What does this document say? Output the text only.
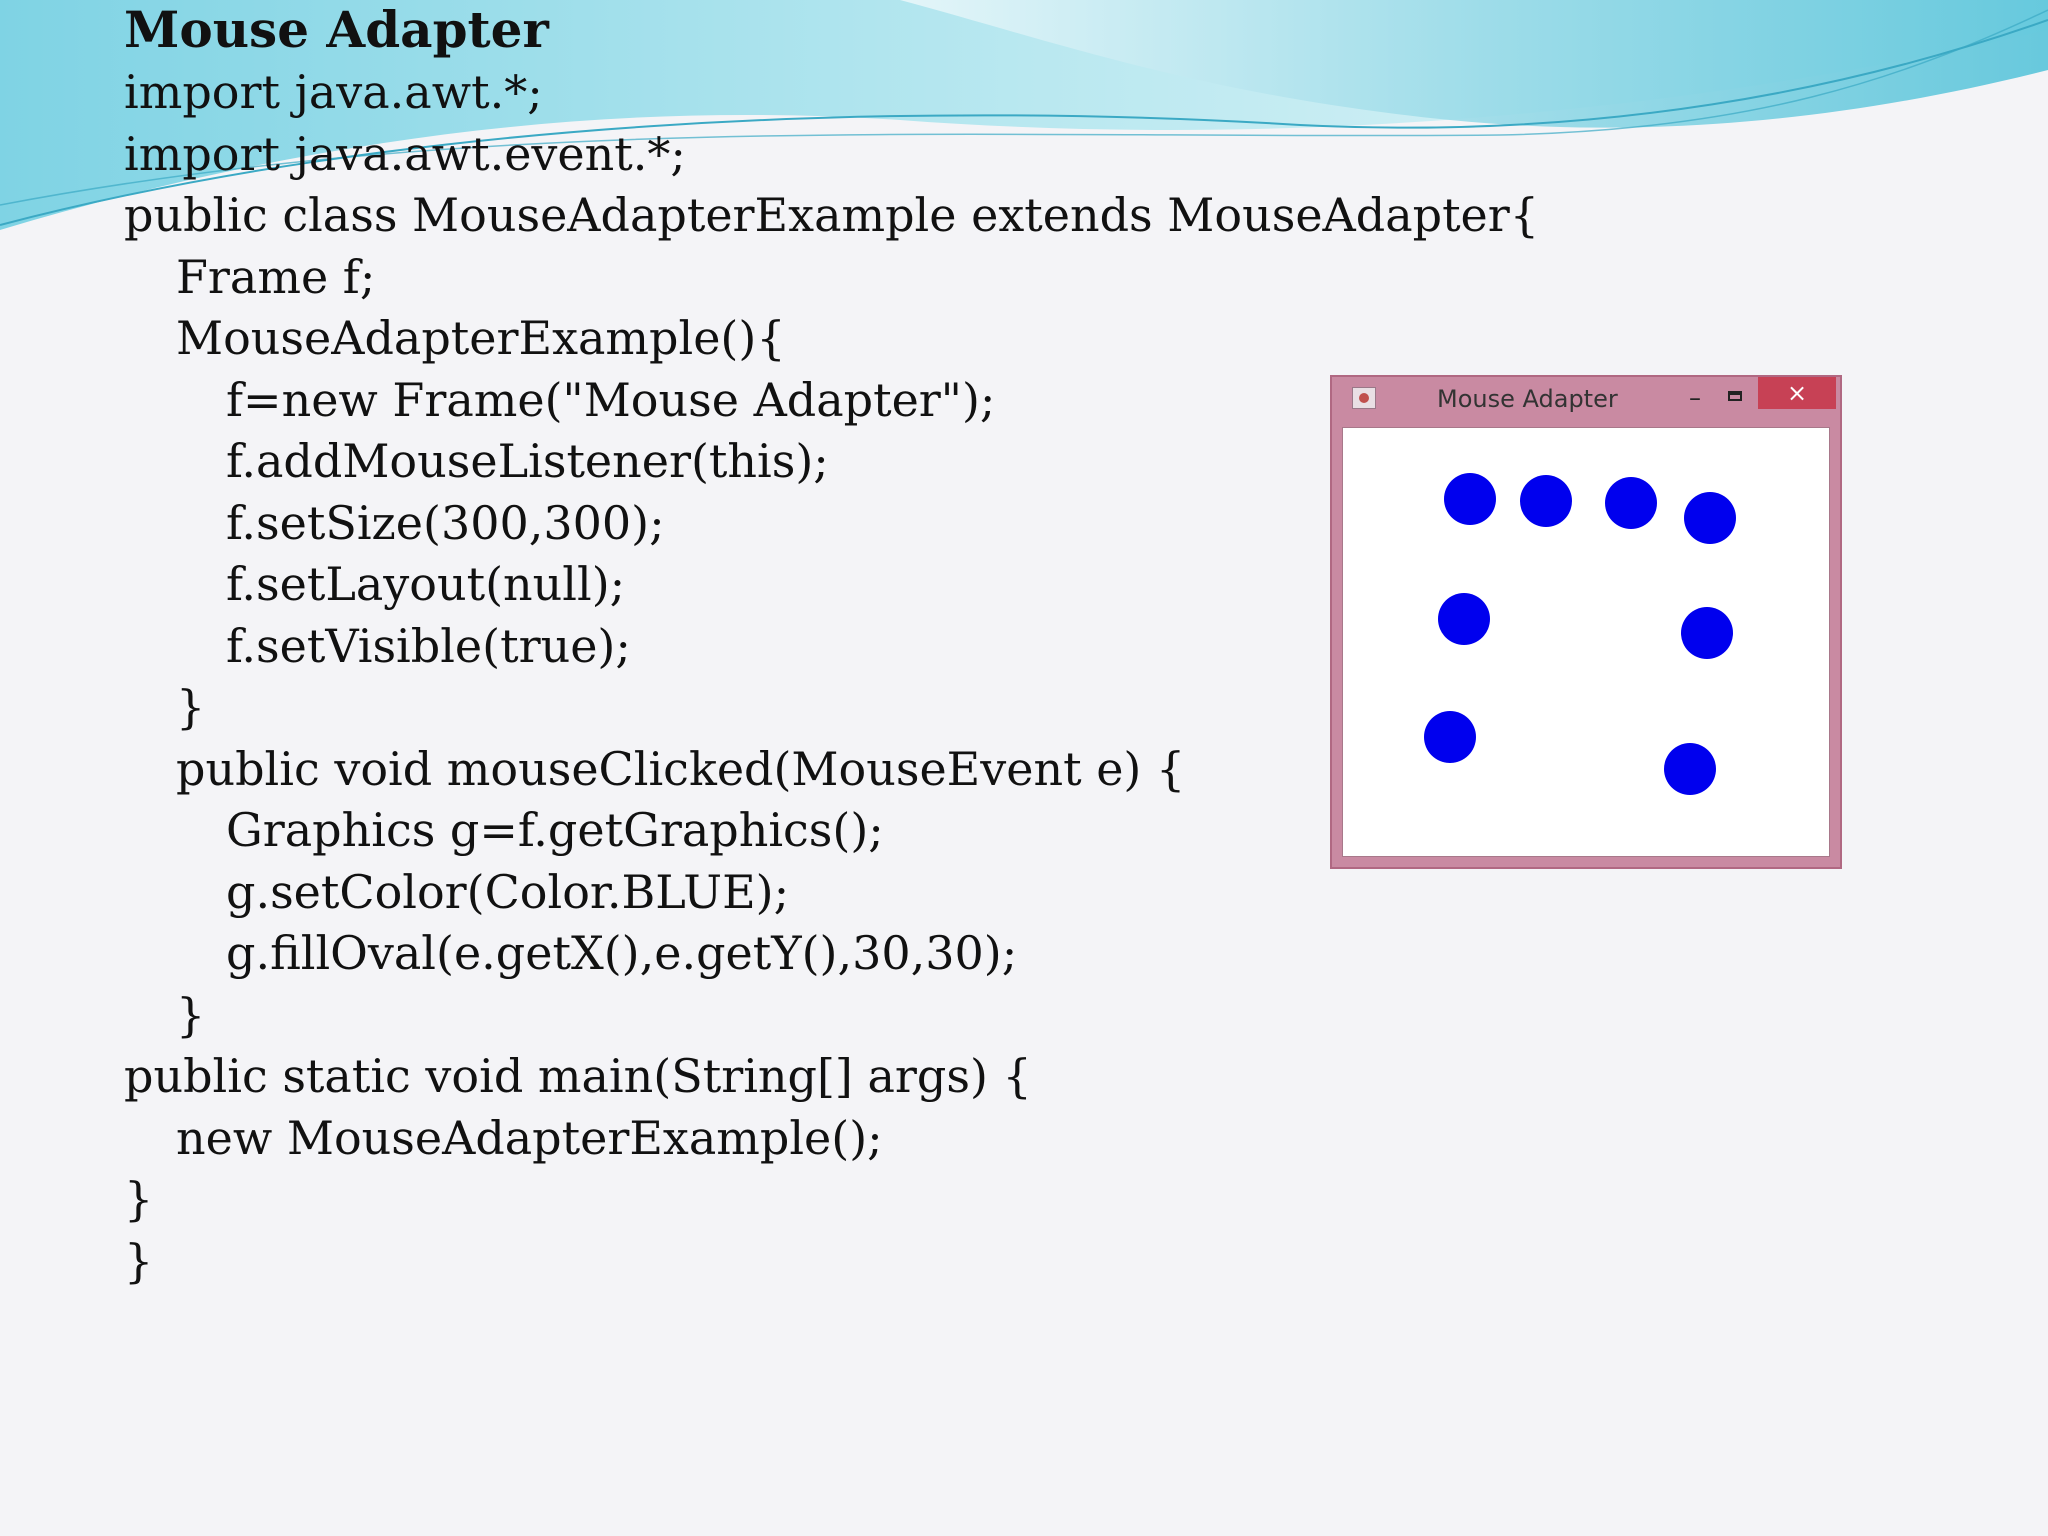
Mouse Adapter
import java.awt.*;
import java.awt.event.*;
public class MouseAdapterExample extends MouseAdapter{
Frame f;
MouseAdapterExample(){
f=new Frame("Mouse Adapter");
f.addMouseListener(this);
f.setSize(300,300);
f.setLayout(null);
f.setVisible(true);
}
public void mouseClicked(MouseEvent e) {
Graphics g=f.getGraphics();
g.setColor(Color.BLUE);
g.fillOval(e.getX(),e.getY(),30,30);
}
public static void main(String[] args) {
new MouseAdapterExample();
}
}
Mouse Adapter	–	×
